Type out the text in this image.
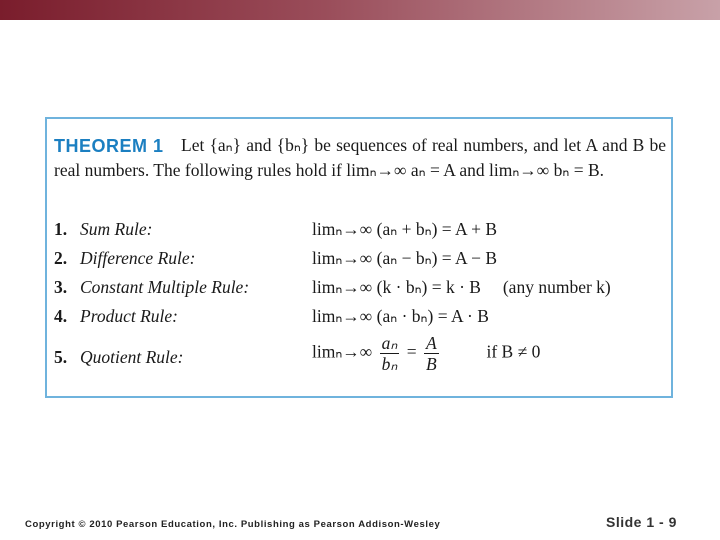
THEOREM 1 Let {aₙ} and {bₙ} be sequences of real numbers, and let A and B be real numbers. The following rules hold if limₙ→∞ aₙ = A and limₙ→∞ bₙ = B.
1. Sum Rule:	limₙ→∞ (aₙ + bₙ) = A + B
2. Difference Rule:	limₙ→∞ (aₙ − bₙ) = A − B
3. Constant Multiple Rule:	limₙ→∞ (k · bₙ) = k · B     (any number k)
4. Product Rule:	limₙ→∞ (aₙ · bₙ) = A · B
5. Quotient Rule:	$\lim_n\to\infty \frac{\text{aₙ}}{\text{bₙ}} = \frac{A}{B}$	if B ≠ 0
Copyright © 2010 Pearson Education, Inc. Publishing as Pearson Addison-Wesley	Slide 1 - 9
